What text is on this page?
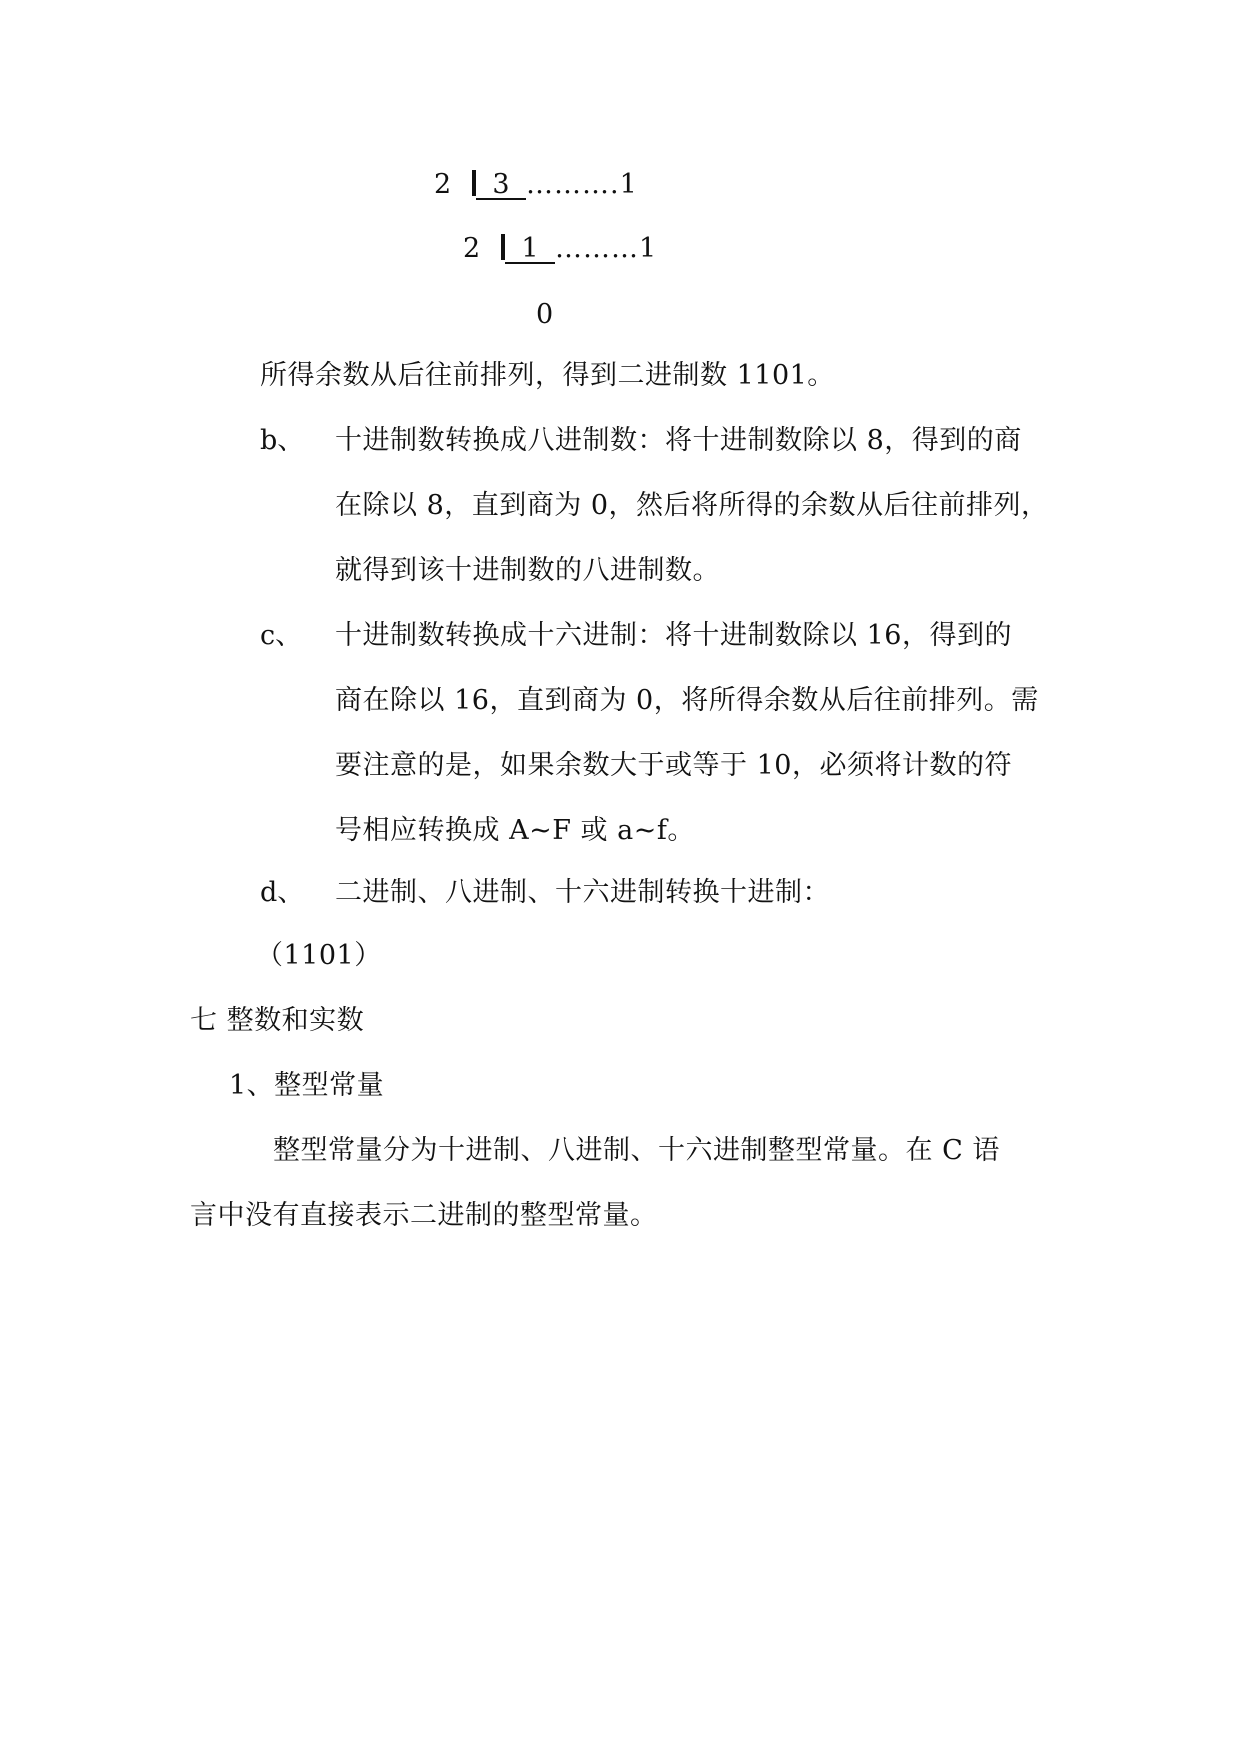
2 3 ……….1
2 1 ………1
0
所得余数从后往前排列，得到二进制数 1101。
b、 十进制数转换成八进制数：将十进制数除以 8，得到的商
在除以 8，直到商为 0，然后将所得的余数从后往前排列，
就得到该十进制数的八进制数。
c、 十进制数转换成十六进制：将十进制数除以 16，得到的
商在除以 16，直到商为 0，将所得余数从后往前排列。需
要注意的是，如果余数大于或等于 10，必须将计数的符
号相应转换成 A~F 或 a~f。
d、 二进制、八进制、十六进制转换十进制：
（1101）
七 整数和实数
1、整型常量
整型常量分为十进制、八进制、十六进制整型常量。在 C 语
言中没有直接表示二进制的整型常量。
